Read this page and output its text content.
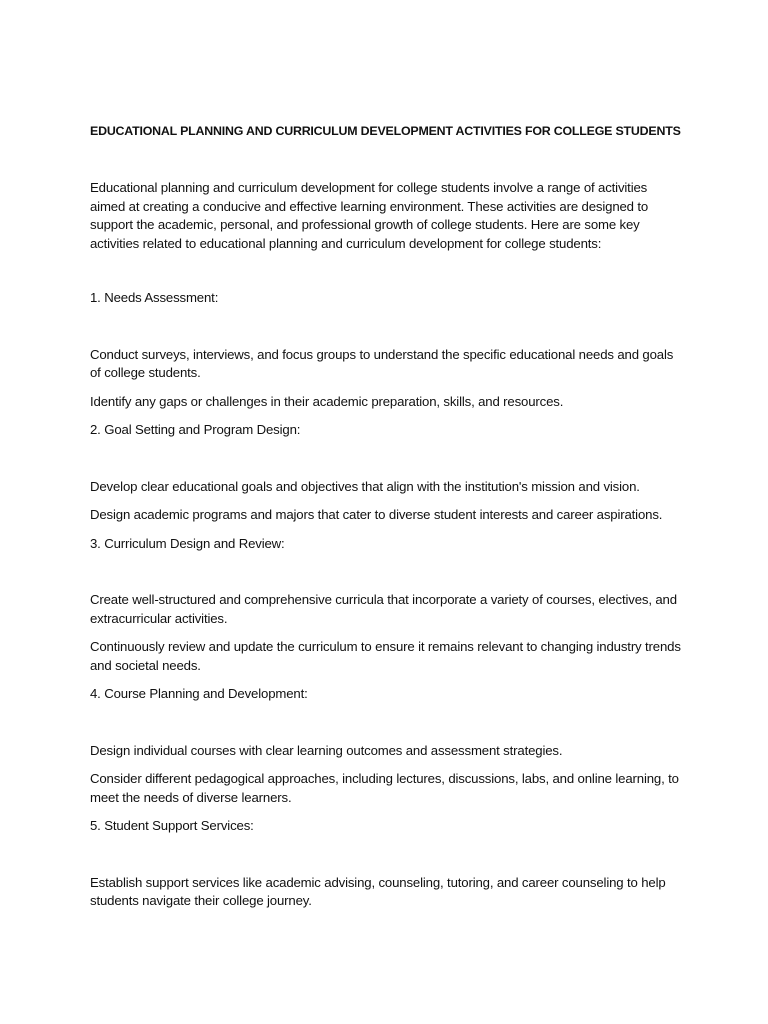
EDUCATIONAL PLANNING AND CURRICULUM DEVELOPMENT ACTIVITIES FOR COLLEGE STUDENTS

Educational planning and curriculum development for college students involve a range of activities aimed at creating a conducive and effective learning environment. These activities are designed to support the academic, personal, and professional growth of college students. Here are some key activities related to educational planning and curriculum development for college students:

1. Needs Assessment:

Conduct surveys, interviews, and focus groups to understand the specific educational needs and goals of college students.

Identify any gaps or challenges in their academic preparation, skills, and resources.

2. Goal Setting and Program Design:

Develop clear educational goals and objectives that align with the institution's mission and vision.

Design academic programs and majors that cater to diverse student interests and career aspirations.

3. Curriculum Design and Review:

Create well-structured and comprehensive curricula that incorporate a variety of courses, electives, and extracurricular activities.

Continuously review and update the curriculum to ensure it remains relevant to changing industry trends and societal needs.

4. Course Planning and Development:

Design individual courses with clear learning outcomes and assessment strategies.

Consider different pedagogical approaches, including lectures, discussions, labs, and online learning, to meet the needs of diverse learners.

5. Student Support Services:

Establish support services like academic advising, counseling, tutoring, and career counseling to help students navigate their college journey.
